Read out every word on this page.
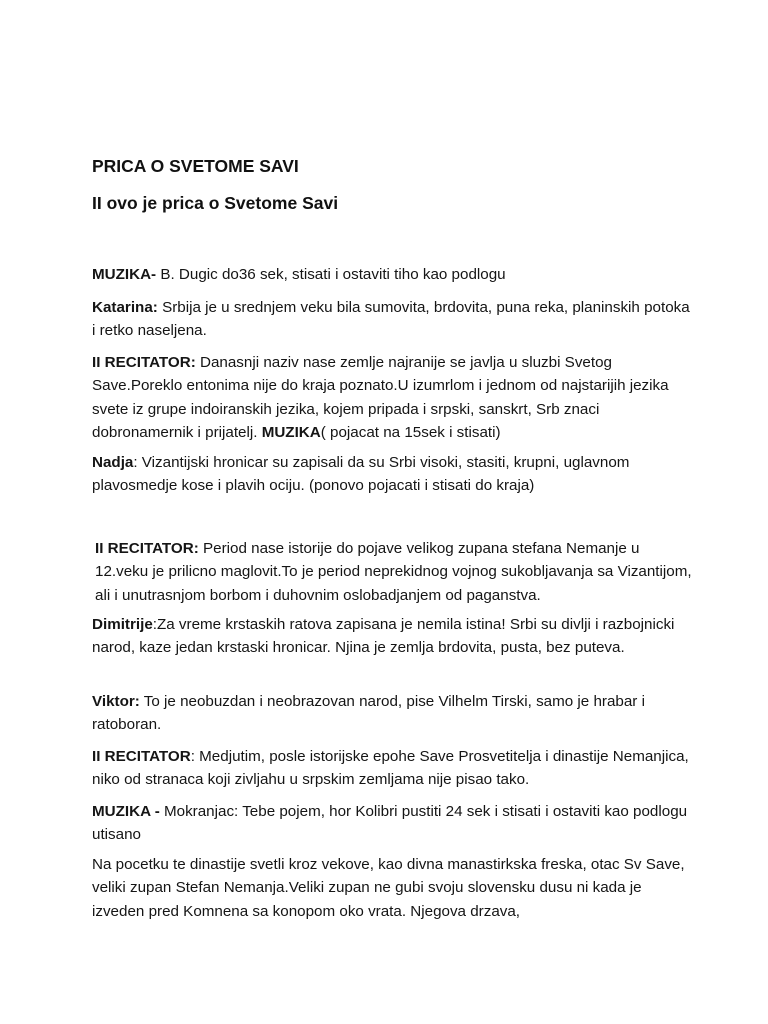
PRICA O SVETOME SAVI
II ovo je prica o Svetome Savi

MUZIKA- B. Dugic do36 sek, stisati i ostaviti tiho kao podlogu

Katarina: Srbija je u srednjem veku bila sumovita, brdovita, puna reka, planinskih potoka i retko naseljena.

II RECITATOR: Danasnji naziv nase zemlje najranije se javlja u sluzbi Svetog Save.Poreklo entonima nije do kraja poznato.U izumrlom i jednom od najstarijih jezika svete iz grupe indoiranskih jezika, kojem pripada i srpski, sanskrt, Srb znaci dobronamernik i prijatelj. MUZIKA( pojacat na 15sek i stisati)

Nadja: Vizantijski hronicar su zapisali da su Srbi visoki, stasiti, krupni, uglavnom plavosmedje kose i plavih ociju. (ponovo pojacati i stisati do kraja)

II RECITATOR: Period nase istorije do pojave velikog zupana stefana Nemanje u 12.veku je prilicno maglovit.To je period neprekidnog vojnog sukobljavanja sa Vizantijom, ali i unutrasnjom borbom i duhovnim oslobadjanjem od paganstva.

Dimitrije:Za vreme krstaskih ratova zapisana je nemila istina! Srbi su divlji i razbojnicki narod, kaze jedan krstaski hronicar. Njina je zemlja brdovita, pusta, bez puteva.

Viktor: To je neobuzdan i neobrazovan narod, pise Vilhelm Tirski, samo je hrabar i ratoboran.

II RECITATOR: Medjutim, posle istorijske epohe Save Prosvetitelja i dinastije Nemanjica, niko od stranaca koji zivljahu u srpskim zemljama nije pisao tako.

MUZIKA - Mokranjac: Tebe pojem, hor Kolibri pustiti 24 sek i stisati i ostaviti kao podlogu utisano

Na pocetku te dinastije svetli kroz vekove, kao divna manastirkska freska, otac Sv Save, veliki zupan Stefan Nemanja.Veliki zupan ne gubi svoju slovensku dusu ni kada je izveden pred Komnena sa konopom oko vrata. Njegova drzava,
